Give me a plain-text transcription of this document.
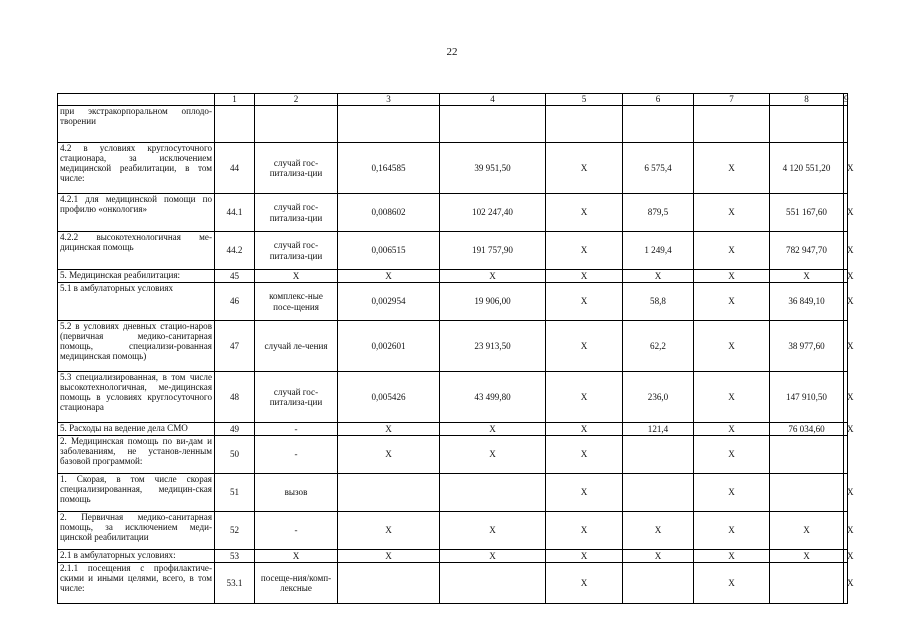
22
	1	2	3	4	5	6	7	8	9
при экстракорпоральном оплодо-творении									
4.2 в условиях круглосуточного стационара, за исключением медицинской реабилитации, в том числе:	44	случай гос-питализа-ции	0,164585	39 951,50	Х	6 575,4	Х	4 120 551,20	Х
4.2.1 для медицинской помощи по профилю «онкология»	44.1	случай гос-питализа-ции	0,008602	102 247,40	Х	879,5	Х	551 167,60	Х
4.2.2 высокотехнологичная ме-дицинская помощь	44.2	случай гос-питализа-ции	0,006515	191 757,90	Х	1 249,4	Х	782 947,70	Х
5. Медицинская реабилитация:	45	Х	Х	Х	Х	Х	Х	Х	Х
5.1 в амбулаторных условиях	46	комплекс-ные посе-щения	0,002954	19 906,00	Х	58,8	Х	36 849,10	Х
5.2 в условиях дневных стацио-наров (первичная медико-санитарная помощь, специализи-рованная медицинская помощь)	47	случай ле-чения	0,002601	23 913,50	Х	62,2	Х	38 977,60	Х
5.3 специализированная, в том числе высокотехнологичная, ме-дицинская помощь в условиях круглосуточного стационара	48	случай гос-питализа-ции	0,005426	43 499,80	Х	236,0	Х	147 910,50	Х
5. Расходы на ведение дела СМО	49	-	Х	Х	Х	121,4	Х	76 034,60	Х
2. Медицинская помощь по ви-дам и заболеваниям, не установ-ленным базовой программой:	50	-	Х	Х	Х		Х		
1. Скорая, в том числе скорая специализированная, медицин-ская помощь	51	вызов			Х		Х		Х
2. Первичная медико-санитарная помощь, за исключением меди-цинской реабилитации	52	-	Х	Х	Х	Х	Х	Х	Х
2.1 в амбулаторных условиях:	53	Х	Х	Х	Х	Х	Х	Х	Х
2.1.1 посещения с профилактиче-скими и иными целями, всего, в том числе:	53.1	посеще-ния/комп-лексные			Х		Х		Х
